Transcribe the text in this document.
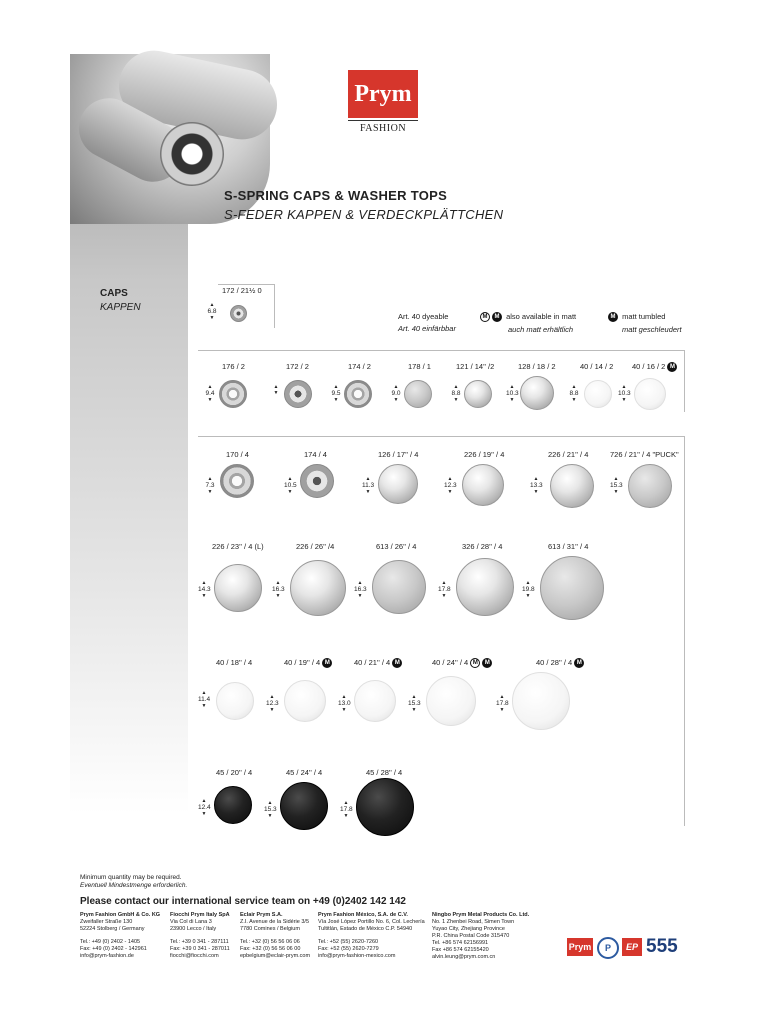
Prym
FASHION
S-SPRING CAPS & WASHER TOPS
S-FEDER KAPPEN & VERDECKPLÄTTCHEN
CAPS
KAPPEN
Art. 40 dyeable
Art. 40 einfärbbar
M M also available in matt
auch matt erhältlich
M matt tumbled
matt geschleudert
172 / 21½ 0
▲ 6.8 ▼
176 / 2
▲ 9.4 ▼
172 / 2
▲ ▼	174 / 2
▲ 9.5 ▼
178 / 1
▲ 9.0 ▼
121 / 14'' /2
▲ 8.8 ▼
128 / 18 / 2
▲ 10.3 ▼
40 / 14 / 2
▲ 8.8 ▼
40 / 16 / 2 M
▲ 10.3 ▼
170 / 4
▲ 7.3 ▼
174 / 4
▲ 10.5 ▼
126 / 17'' / 4
▲ 11.3 ▼
226 / 19'' / 4
▲ 12.3 ▼
226 / 21'' / 4
▲ 13.3 ▼
726 / 21'' / 4 "PUCK"
▲ 15.3 ▼
226 / 23'' / 4 (L)
▲ 14.3 ▼
226 / 26'' /4
▲ 16.3 ▼
613 / 26'' / 4
▲ 16.3 ▼
326 / 28'' / 4
▲ 17.8 ▼
613 / 31'' / 4
▲ 19.8 ▼
40 / 18'' / 4
▲ 11.4 ▼
40 / 19'' / 4 M
▲ 12.3 ▼
40 / 21'' / 4 M
▲ 13.0 ▼
40 / 24'' / 4 M M
▲ 15.3 ▼
40 / 28'' / 4 M
▲ 17.8 ▼
45 / 20'' / 4
▲ 12.4 ▼
45 / 24'' / 4
▲ 15.3 ▼
45 / 28'' / 4
▲ 17.8 ▼
Minimum quantity may be required.
Eventuell Mindestmenge erforderlich.
Please contact our international service team on +49 (0)2402 142 142
Prym Fashion GmbH & Co. KG
Zweifaller Straße 130
52224 Stolberg / Germany
Tel.: +49 (0) 2402 - 1405
Fax: +49 (0) 2402 - 142961
info@prym-fashion.de
Fiocchi Prym Italy SpA
Via Col di Lana 3
23900 Lecco / Italy
Tel.: +39 0 341 - 287111
Fax: +39 0 341 - 287011
fiocchi@fiocchi.com
Eclair Prym S.A.
Z.I. Avenue de la Sidérie 3/5
7780 Comines / Belgium
Tel.: +32 (0) 56 56 06 06
Fax: +32 (0) 56 56 06 00
epbelgium@eclair-prym.com
Prym Fashion México, S.A. de C.V.
Vía José López Portillo No. 6, Col. Lechería
Tultitlán, Estado de México C.P. 54940
Tel.: +52 (55) 2620-7260
Fax: +52 (55) 2620-7279
info@prym-fashion-mexico.com
Ningbo Prym Metal Products Co. Ltd.
No. 1 Zhenbei Road, Simen Town
Yuyao City, Zhejiang Province
P.R. China Postal Code 315470
Tel. +86 574 62156991
Fax +86 574 62155420
alvin.leung@prym.com.cn
Prym	P	EP 555
